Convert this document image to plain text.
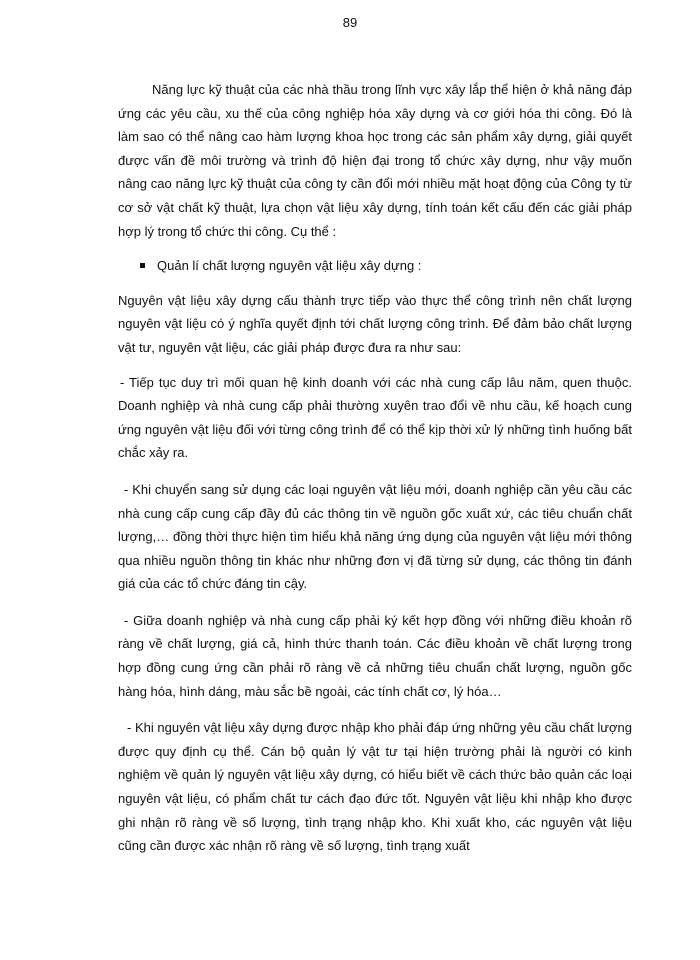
89

Năng lực kỹ thuật của các nhà thầu trong lĩnh vực xây lắp thể hiện ở khả năng đáp ứng các yêu cầu, xu thế của công nghiệp hóa xây dựng và cơ giới hóa thi công. Đó là làm sao có thể nâng cao hàm lượng khoa học trong các sản phẩm xây dựng, giải quyết được vấn đề môi trường và trình độ hiện đại trong tổ chức xây dựng, như vậy muốn nâng cao năng lực kỹ thuật của công ty cần đổi mới nhiều mặt hoạt động của Công ty từ cơ sở vật chất kỹ thuật, lựa chọn vật liệu xây dựng, tính toán kết cấu đến các giải pháp hợp lý trong tổ chức thi công. Cụ thể :

Quản lí chất lượng nguyên vật liệu xây dựng :

Nguyên vật liệu xây dựng cấu thành trực tiếp vào thực thể công trình nên chất lượng nguyên vật liệu có ý nghĩa quyết định tới chất lượng công trình. Để đảm bảo chất lượng vật tư, nguyên vật liệu, các giải pháp được đưa ra như sau:

- Tiếp tục duy trì mối quan hệ kinh doanh với các nhà cung cấp lâu năm, quen thuộc. Doanh nghiệp và nhà cung cấp phải thường xuyên trao đổi về nhu cầu, kế hoạch cung ứng nguyên vật liệu đối với từng công trình để có thể kịp thời xử lý những tình huống bất chắc xảy ra.

- Khi chuyển sang sử dụng các loại nguyên vật liệu mới, doanh nghiệp cần yêu cầu các nhà cung cấp cung cấp đầy đủ các thông tin về nguồn gốc xuất xứ, các tiêu chuẩn chất lượng,… đồng thời thực hiện tìm hiểu khả năng ứng dụng của nguyên vật liệu mới thông qua nhiều nguồn thông tin khác như những đơn vị đã từng sử dụng, các thông tin đánh giá của các tổ chức đáng tin cậy.

- Giữa doanh nghiệp và nhà cung cấp phải ký kết hợp đồng với những điều khoản rõ ràng về chất lượng, giá cả, hình thức thanh toán. Các điều khoản về chất lượng trong hợp đồng cung ứng cần phải rõ ràng về cả những tiêu chuẩn chất lượng, nguồn gốc hàng hóa, hình dáng, màu sắc bề ngoài, các tính chất cơ, lý hóa…

- Khi nguyên vật liệu xây dựng được nhập kho phải đáp ứng những yêu cầu chất lượng được quy định cụ thể. Cán bộ quản lý vật tư tại hiện trường phải là người có kinh nghiệm về quản lý nguyên vật liệu xây dựng, có hiểu biết về cách thức bảo quản các loại nguyên vật liệu, có phẩm chất tư cách đạo đức tốt. Nguyên vật liệu khi nhập kho được ghi nhận rõ ràng về số lượng, tình trạng nhập kho. Khi xuất kho, các nguyên vật liệu cũng cần được xác nhận rõ ràng về số lượng, tình trạng xuất
